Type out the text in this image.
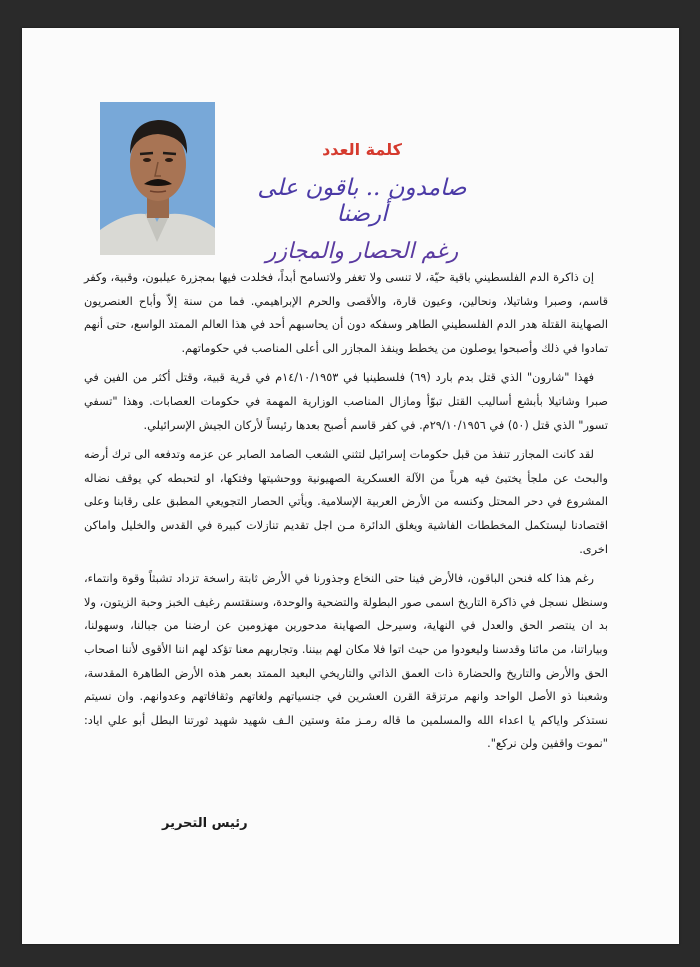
كلمة العدد
صامدون .. باقون على أرضنا
رغم الحصار والمجازر

إن ذاكرة الدم الفلسطيني باقية حيّة، لا تنسى ولا تغفر ولاتسامح أبداً، فخلدت فيها بمجزرة عيلبون، وقبية، وكفر قاسم، وصبرا وشاتيلا، ونحالين، وعيون قارة، والأقصى والحرم الإبراهيمي. فما من سنة إلاّ وأباح العنصريون الصهاينة القتلة هدر الدم الفلسطيني الطاهر وسفكه دون أن يحاسبهم أحد في هذا العالم الممتد الواسع، حتى أنهم تمادوا في ذلك وأصبحوا يوصلون من يخطط وينفذ المجازر الى أعلى المناصب في حكوماتهم.

فهذا "شارون" الذي قتل بدم بارد (٦٩) فلسطينيا في ١٤/١٠/١٩٥٣م في قرية قبية، وقتل أكثر من الفين في صبرا وشاتيلا بأبشع أساليب القتل تبوّأ ومازال المناصب الوزارية المهمة في حكومات العصابات. وهذا "تسفي تسور" الذي قتل (٥٠) في ٢٩/١٠/١٩٥٦م. في كفر قاسم أصبح بعدها رئيساً لأركان الجيش الإسرائيلي.

لقد كانت المجازر تنفذ من قبل حكومات إسرائيل لتثني الشعب الصامد الصابر عن عزمه وتدفعه الى ترك أرضه والبحث عن ملجأ يختبئ فيه هرباً من الآلة العسكرية الصهيونية ووحشيتها وفتكها، او لتحبطه كي يوقف نضاله المشروع في دحر المحتل وكنسه من الأرض العربية الإسلامية. ويأتي الحصار التجويعي المطبق على رقابنا وعلى اقتصادنا ليستكمل المخططات الفاشية ويغلق الدائرة مـن اجل تقديم تنازلات كبيرة في القدس والخليل واماكن اخرى.

رغم هذا كله فنحن الباقون، فالأرض فينا حتى النخاع وجذورنا في الأرض ثابتة راسخة تزداد تشبثاً وقوة وانتماء، وسنظل نسجل في ذاكرة التاريخ اسمى صور البطولة والتضحية والوحدة، وسنقتسم رغيف الخبز وحبة الزيتون، ولا بد ان ينتصر الحق والعدل في النهاية، وسيرحل الصهاينة مدحورين مهزومين عن ارضنا من جبالنا، وسهولنا، وبياراتنا، من مائنا وقدسنا وليعودوا من حيث اتوا فلا مكان لهم بيننا. وتجاربهم معنا تؤكد لهم اننا الأقوى لأننا اصحاب الحق والأرض والتاريخ والحضارة ذات العمق الذاتي والتاريخي البعيد الممتد بعمر هذه الأرض الطاهرة المقدسة، وشعبنا ذو الأصل الواحد وانهم مرتزقة القرن العشرين في جنسياتهم ولغاتهم وثقافاتهم وعدوانهم. وان نسيتم نستذكر واياكم يا اعداء الله والمسلمين ما قاله رمـز مئة وستين الـف شهيد شهيد ثورتنا البطل أبو علي اياد: "نموت واقفين ولن نركع".

رئيس التحرير
